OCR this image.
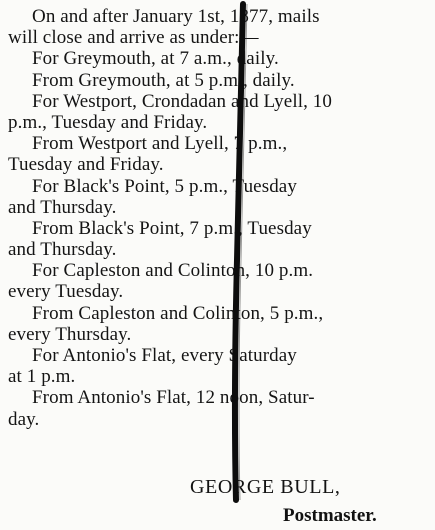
On and after January 1st, 1877, mails
will close and arrive as under:—
For Greymouth, at 7 a.m., daily.
From Greymouth, at 5 p.m., daily.
For Westport, Crondadan and Lyell, 10
p.m., Tuesday and Friday.
From Westport and Lyell, 7 p.m.,
Tuesday and Friday.
For Black's Point, 5 p.m., Tuesday
and Thursday.
From Black's Point, 7 p.m., Tuesday
and Thursday.
For Capleston and Colinton, 10 p.m.
every Tuesday.
From Capleston and Colinton, 5 p.m.,
every Thursday.
For Antonio's Flat, every Saturday
at 1 p.m.
From Antonio's Flat, 12 noon, Satur-
day.
GEORGE BULL,
Postmaster.
